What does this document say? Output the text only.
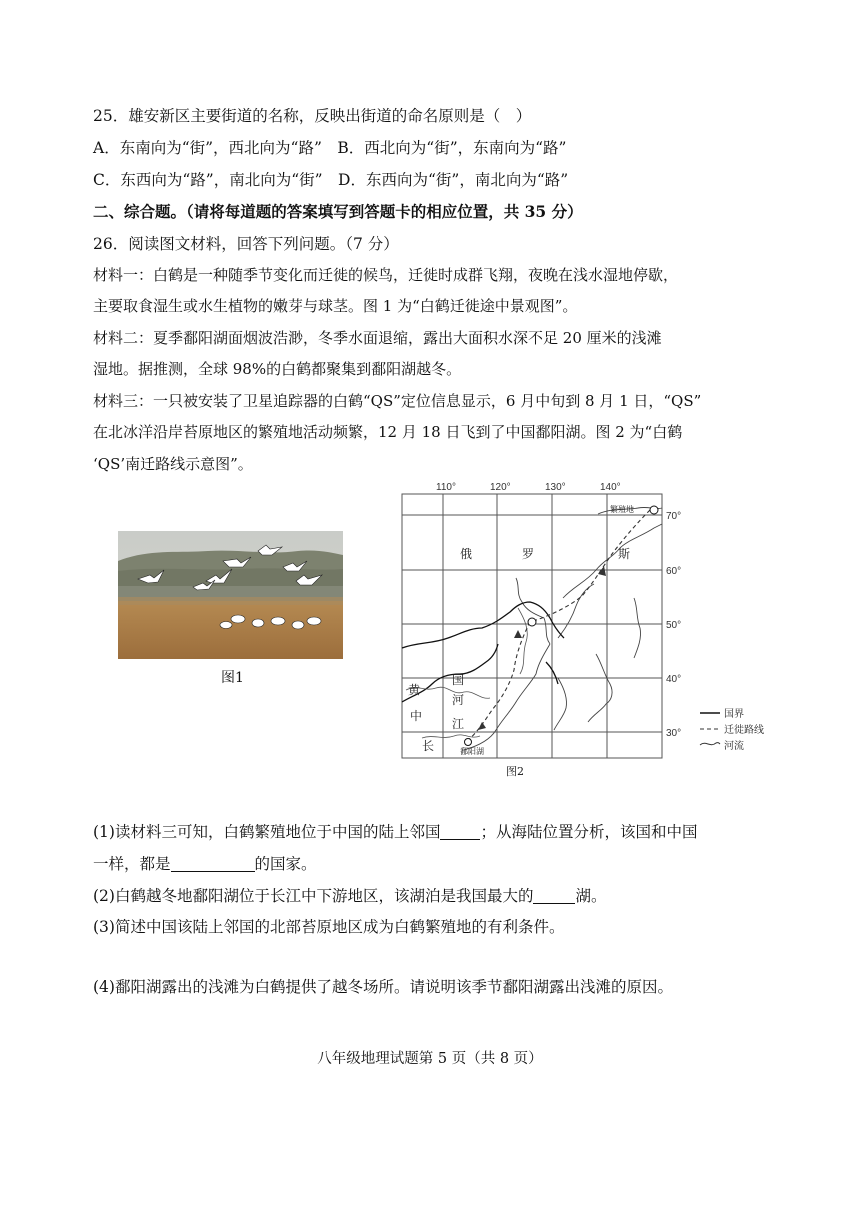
25．雄安新区主要街道的名称，反映出街道的命名原则是（　）
A．东南向为“街”，西北向为“路”　B．西北向为“街”，东南向为“路”
C．东西向为“路”，南北向为“街”　D．东西向为“街”，南北向为“路”
二、综合题。（请将每道题的答案填写到答题卡的相应位置，共 35 分）
26．阅读图文材料，回答下列问题。（7 分）
材料一：白鹤是一种随季节变化而迁徙的候鸟，迁徙时成群飞翔，夜晚在浅水湿地停歇，
主要取食湿生或水生植物的嫩芽与球茎。图 1 为“白鹤迁徙途中景观图”。
材料二：夏季鄱阳湖面烟波浩渺，冬季水面退缩，露出大面积水深不足 20 厘米的浅滩
湿地。据推测，全球 98%的白鹤都聚集到鄱阳湖越冬。
材料三：一只被安装了卫星追踪器的白鹤“QS”定位信息显示，6 月中旬到 8 月 1 日，“QS”
在北冰洋沿岸苔原地区的繁殖地活动频繁，12 月 18 日飞到了中国鄱阳湖。图 2 为“白鹤
‘QS’南迁路线示意图”。
图1
110°	120°	130°	140°
70°
60°
50°
40°
30°
繁殖地
俄	罗	斯
黄
中
国
河
江
长	鄱阳湖
国界
迁徙路线
河流
图2
(1)读材料三可知，白鹤繁殖地位于中国的陆上邻国	；从海陆位置分析，该国和中国
一样，都是	的国家。
(2)白鹤越冬地鄱阳湖位于长江中下游地区，该湖泊是我国最大的	湖。
(3)简述中国该陆上邻国的北部苔原地区成为白鹤繁殖地的有利条件。
(4)鄱阳湖露出的浅滩为白鹤提供了越冬场所。请说明该季节鄱阳湖露出浅滩的原因。
八年级地理试题第 5 页（共 8 页）
